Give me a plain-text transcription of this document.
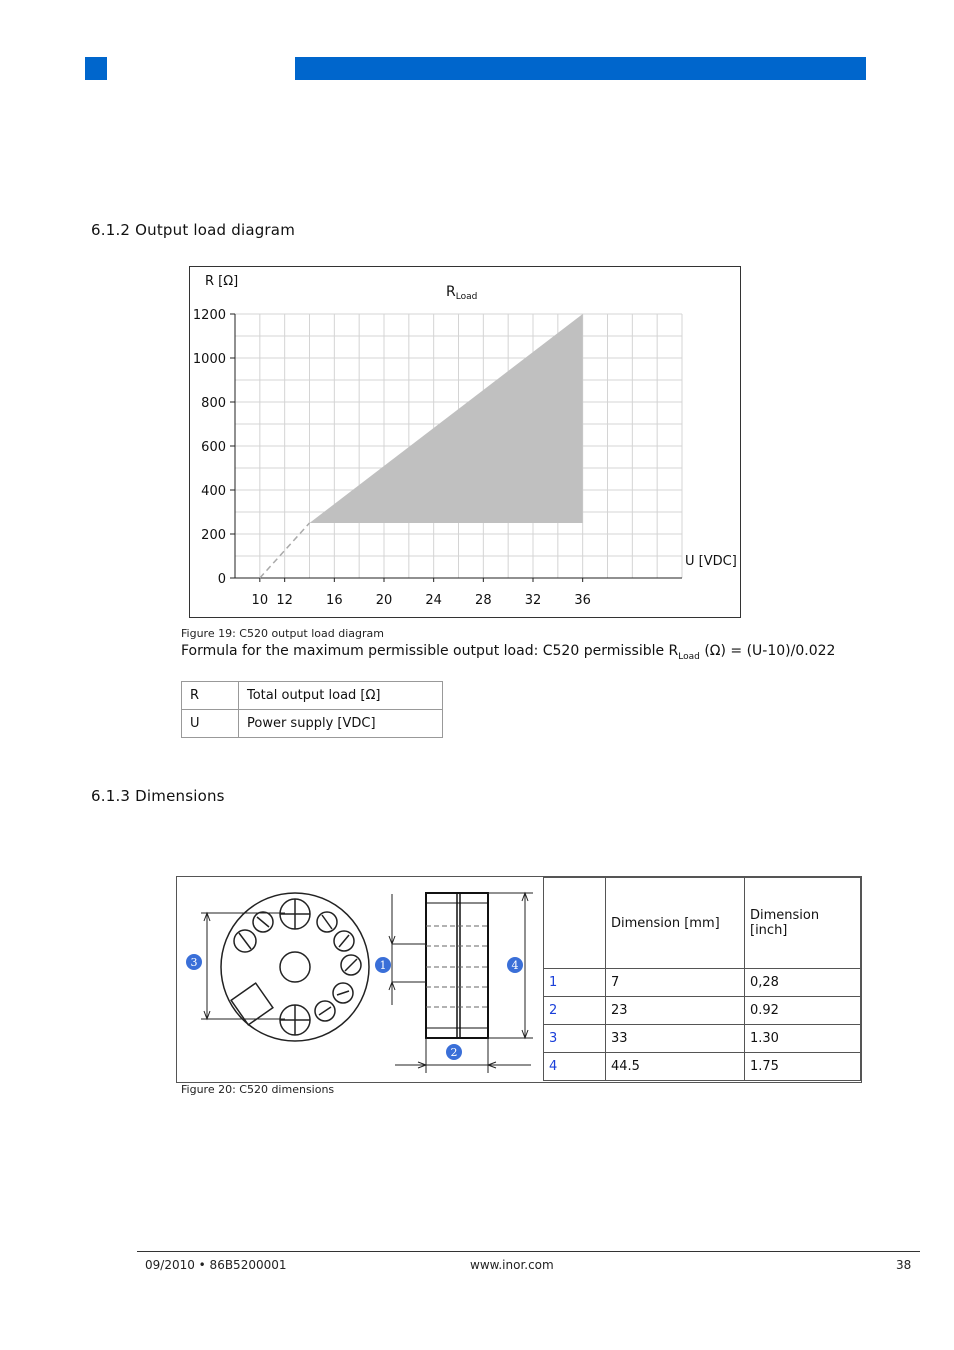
6.1.2 Output load diagram
10 12	16	20	24	28	32	36
0
200
400
600
800
1000
1200
R [Ω]
U [VDC]
$R_{Load}$
Figure 19: C520 output load diagram
Formula for the maximum permissible output load: C520 permissible $R_{Load}$ (Ω) = (U-10)/0.022
R	Total output load [Ω]
U	Power supply [VDC]
6.1.3 Dimensions
1
2
3	4
	Dimension [mm]	Dimension [inch]
1	7	0,28
2	23	0.92
3	33	1.30
4	44.5	1.75
Figure 20: C520 dimensions
09/2010 • 86B5200001	www.inor.com	38
